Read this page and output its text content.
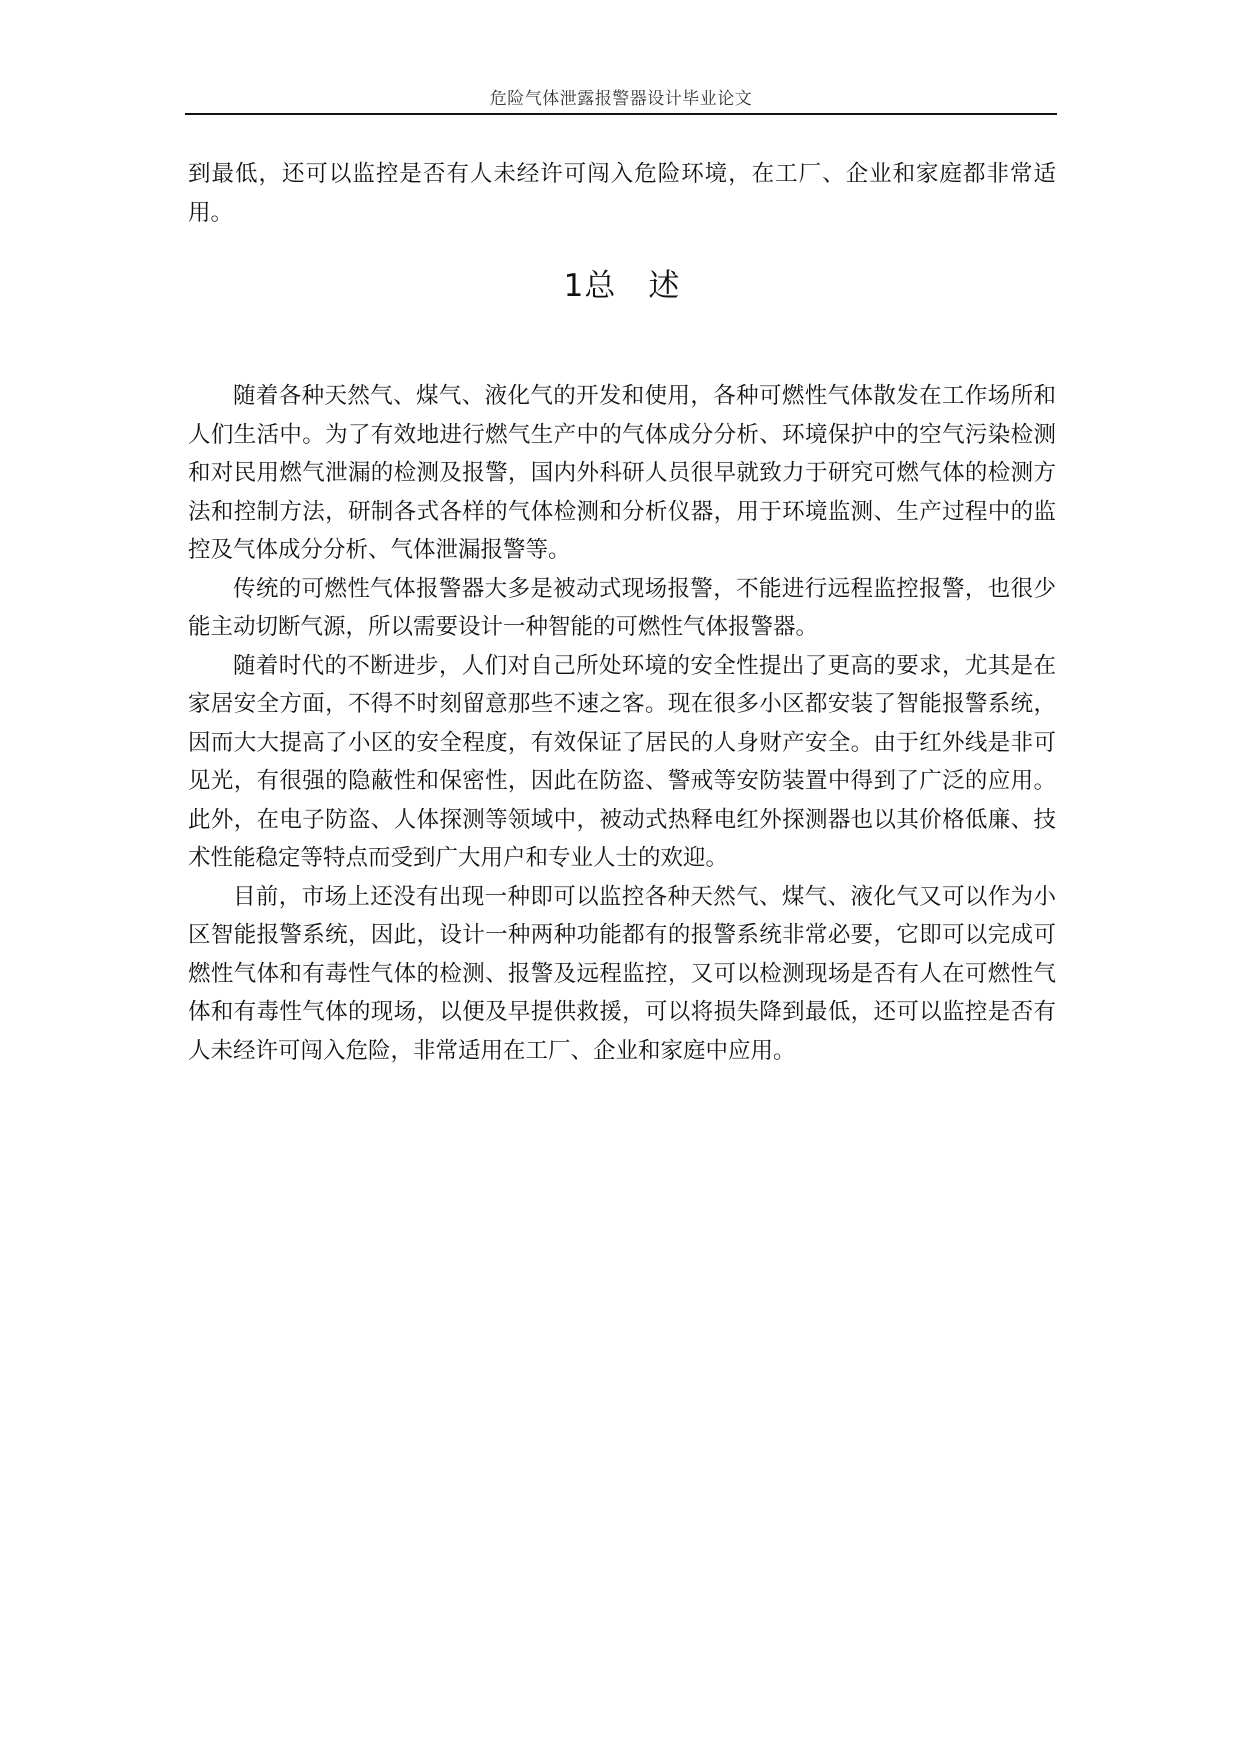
危险气体泄露报警器设计毕业论文

到最低，还可以监控是否有人未经许可闯入危险环境，在工厂、企业和家庭都非常适用。

1总　述

随着各种天然气、煤气、液化气的开发和使用，各种可燃性气体散发在工作场所和人们生活中。为了有效地进行燃气生产中的气体成分分析、环境保护中的空气污染检测和对民用燃气泄漏的检测及报警，国内外科研人员很早就致力于研究可燃气体的检测方法和控制方法，研制各式各样的气体检测和分析仪器，用于环境监测、生产过程中的监控及气体成分分析、气体泄漏报警等。

传统的可燃性气体报警器大多是被动式现场报警，不能进行远程监控报警，也很少能主动切断气源，所以需要设计一种智能的可燃性气体报警器。

随着时代的不断进步，人们对自己所处环境的安全性提出了更高的要求，尤其是在家居安全方面，不得不时刻留意那些不速之客。现在很多小区都安装了智能报警系统，因而大大提高了小区的安全程度，有效保证了居民的人身财产安全。由于红外线是非可见光，有很强的隐蔽性和保密性，因此在防盗、警戒等安防装置中得到了广泛的应用。此外，在电子防盗、人体探测等领域中，被动式热释电红外探测器也以其价格低廉、技术性能稳定等特点而受到广大用户和专业人士的欢迎。

目前，市场上还没有出现一种即可以监控各种天然气、煤气、液化气又可以作为小区智能报警系统，因此，设计一种两种功能都有的报警系统非常必要，它即可以完成可燃性气体和有毒性气体的检测、报警及远程监控，又可以检测现场是否有人在可燃性气体和有毒性气体的现场，以便及早提供救援，可以将损失降到最低，还可以监控是否有人未经许可闯入危险，非常适用在工厂、企业和家庭中应用。
